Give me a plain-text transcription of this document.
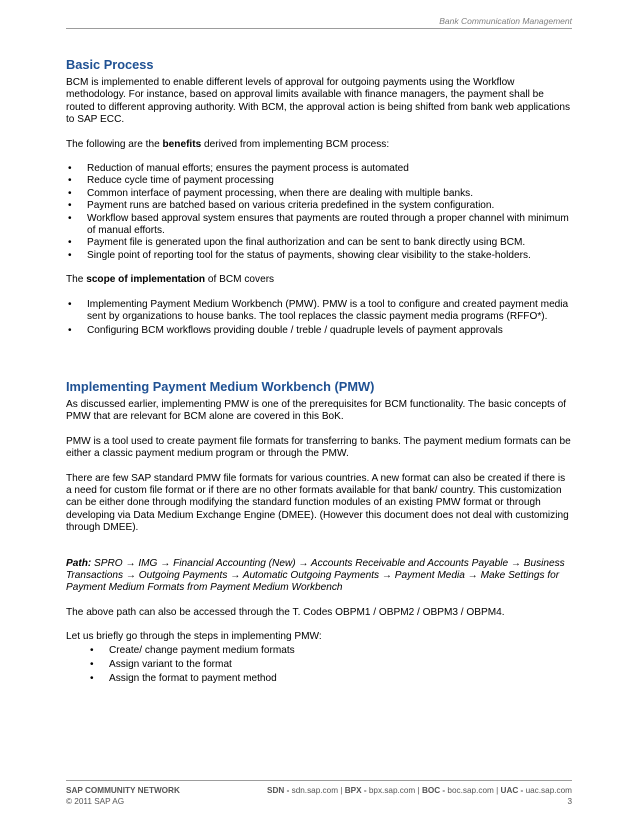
Bank Communication Management
Basic Process

BCM is implemented to enable different levels of approval for outgoing payments using the Workflow methodology. For instance, based on approval limits available with finance managers, the payment shall be routed to different approving authority. With BCM, the approval action is being shifted from bank web applications to SAP ECC.

The following are the benefits derived from implementing BCM process:

• Reduction of manual efforts; ensures the payment process is automated
• Reduce cycle time of payment processing
• Common interface of payment processing, when there are dealing with multiple banks.
• Payment runs are batched based on various criteria predefined in the system configuration.
• Workflow based approval system ensures that payments are routed through a proper channel with minimum of manual efforts.
• Payment file is generated upon the final authorization and can be sent to bank directly using BCM.
• Single point of reporting tool for the status of payments, showing clear visibility to the stake-holders.

The scope of implementation of BCM covers

• Implementing Payment Medium Workbench (PMW). PMW is a tool to configure and created payment media sent by organizations to house banks. The tool replaces the classic payment media programs (RFFO*).
• Configuring BCM workflows providing double / treble / quadruple levels of payment approvals
Implementing Payment Medium Workbench (PMW)

As discussed earlier, implementing PMW is one of the prerequisites for BCM functionality. The basic concepts of PMW that are relevant for BCM alone are covered in this BoK.

PMW is a tool used to create payment file formats for transferring to banks. The payment medium formats can be either a classic payment medium program or through the PMW.

There are few SAP standard PMW file formats for various countries. A new format can also be created if there is a need for custom file format or if there are no other formats available for that bank/ country. This customization can be either done through modifying the standard function modules of an existing PMW format or through developing via Data Medium Exchange Engine (DMEE). (However this document does not deal with customizing through DMEE).

Path: SPRO → IMG → Financial Accounting (New) → Accounts Receivable and Accounts Payable → Business Transactions → Outgoing Payments → Automatic Outgoing Payments → Payment Media → Make Settings for Payment Medium Formats from Payment Medium Workbench

The above path can also be accessed through the T. Codes OBPM1 / OBPM2 / OBPM3 / OBPM4.

Let us briefly go through the steps in implementing PMW:

• Create/ change payment medium formats
• Assign variant to the format
• Assign the format to payment method
SAP COMMUNITY NETWORK
© 2011 SAP AG
SDN - sdn.sap.com | BPX - bpx.sap.com | BOC - boc.sap.com | UAC - uac.sap.com
3
